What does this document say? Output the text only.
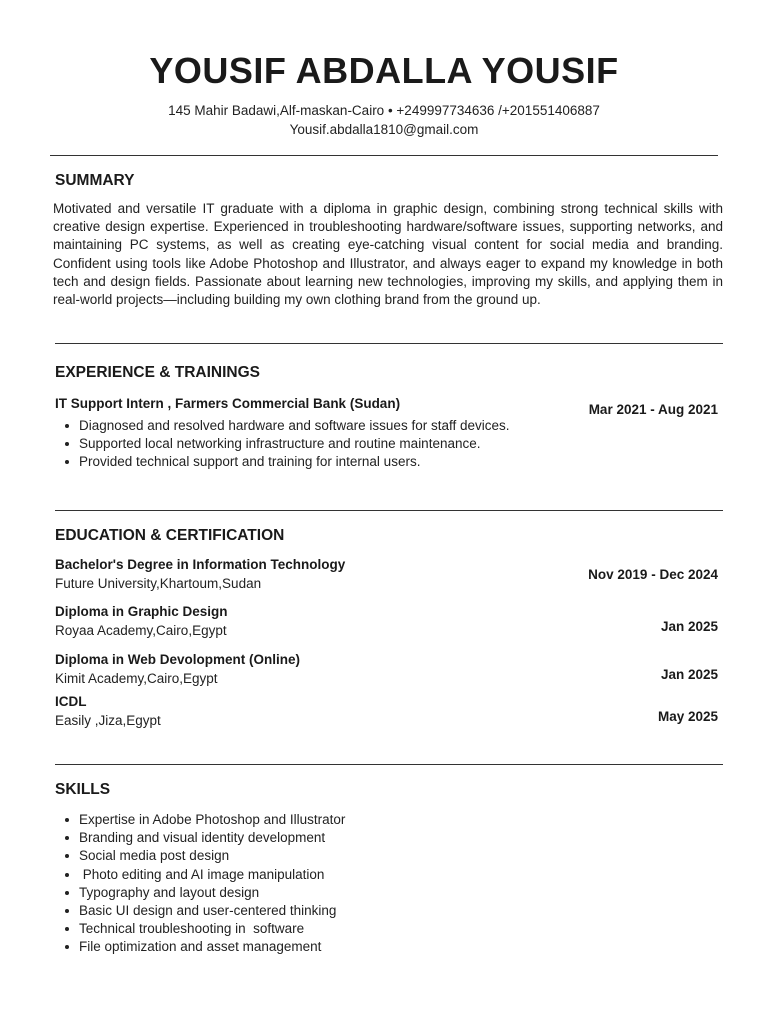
YOUSIF ABDALLA YOUSIF
145 Mahir Badawi,Alf-maskan-Cairo • +249997734636 /+201551406887
Yousif.abdalla1810@gmail.com
SUMMARY
Motivated and versatile IT graduate with a diploma in graphic design, combining strong technical skills with creative design expertise. Experienced in troubleshooting hardware/software issues, supporting networks, and maintaining PC systems, as well as creating eye-catching visual content for social media and branding. Confident using tools like Adobe Photoshop and Illustrator, and always eager to expand my knowledge in both tech and design fields. Passionate about learning new technologies, improving my skills, and applying them in real-world projects—including building my own clothing brand from the ground up.
EXPERIENCE & TRAININGS
IT Support Intern , Farmers Commercial Bank (Sudan)	Mar 2021 - Aug 2021
Diagnosed and resolved hardware and software issues for staff devices.
Supported local networking infrastructure and routine maintenance.
Provided technical support and training for internal users.
EDUCATION & CERTIFICATION
Bachelor's Degree in Information Technology
Future University,Khartoum,Sudan
Nov 2019 - Dec 2024
Diploma in Graphic Design
Royaa Academy,Cairo,Egypt	Jan 2025
Diploma in Web Devolopment (Online)
Kimit Academy,Cairo,Egypt	Jan 2025
ICDL
Easily ,Jiza,Egypt	May 2025
SKILLS
Expertise in Adobe Photoshop and Illustrator
Branding and visual identity development
Social media post design
Photo editing and AI image manipulation
Typography and layout design
Basic UI design and user-centered thinking
Technical troubleshooting in  software
File optimization and asset management
